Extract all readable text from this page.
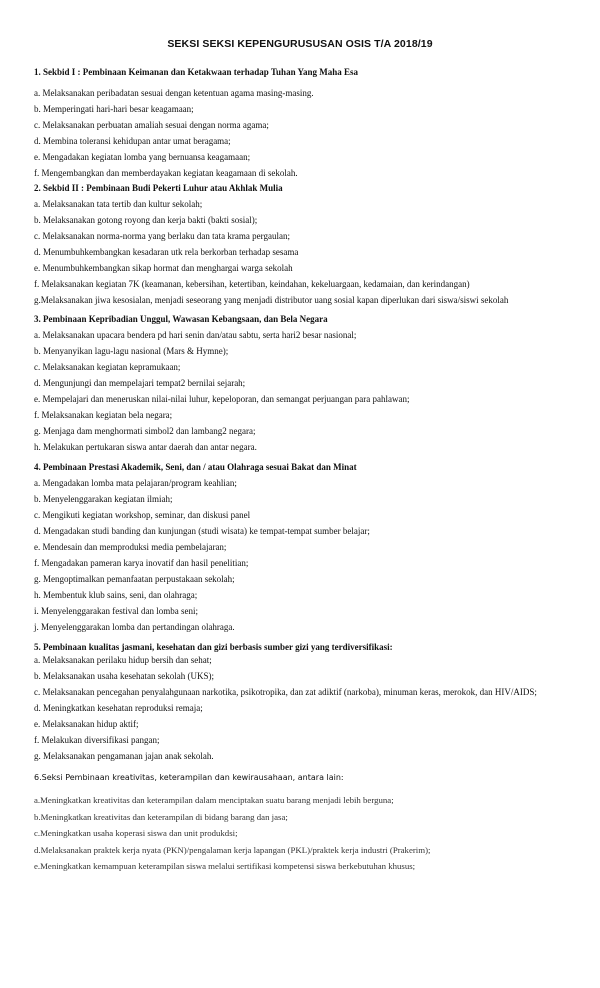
SEKSI SEKSI KEPENGURUSUSAN OSIS T/A 2018/19
1. Sekbid I : Pembinaan Keimanan dan Ketakwaan terhadap Tuhan Yang Maha Esa
a. Melaksanakan peribadatan sesuai dengan ketentuan agama masing-masing.
b. Memperingati hari-hari besar keagamaan;
c. Melaksanakan perbuatan amaliah sesuai dengan norma agama;
d. Membina toleransi kehidupan antar umat beragama;
e. Mengadakan kegiatan lomba yang bernuansa keagamaan;
f. Mengembangkan dan memberdayakan kegiatan keagamaan di sekolah.
2. Sekbid II : Pembinaan Budi Pekerti Luhur atau Akhlak Mulia
a. Melaksanakan tata tertib dan kultur sekolah;
b. Melaksanakan gotong royong dan kerja bakti (bakti sosial);
c. Melaksanakan norma-norma yang berlaku dan tata krama pergaulan;
d. Menumbuhkembangkan kesadaran utk rela berkorban terhadap sesama
e. Menumbuhkembangkan sikap hormat dan menghargai warga sekolah
f. Melaksanakan kegiatan 7K (keamanan, kebersihan, ketertiban, keindahan, kekeluargaan, kedamaian, dan kerindangan)
g.Melaksanakan jiwa kesosialan, menjadi seseorang yang menjadi distributor uang sosial kapan diperlukan dari siswa/siswi sekolah
3. Pembinaan Kepribadian Unggul, Wawasan Kebangsaan, dan Bela Negara
a. Melaksanakan upacara bendera pd hari senin dan/atau sabtu, serta hari2 besar nasional;
b. Menyanyikan lagu-lagu nasional (Mars & Hymne);
c. Melaksanakan kegiatan kepramukaan;
d. Mengunjungi dan mempelajari tempat2 bernilai sejarah;
e. Mempelajari dan meneruskan nilai-nilai luhur, kepeloporan, dan semangat perjuangan para pahlawan;
f. Melaksanakan kegiatan bela negara;
g. Menjaga dam menghormati simbol2 dan lambang2 negara;
h. Melakukan pertukaran siswa antar daerah dan antar negara.
4. Pembinaan Prestasi Akademik, Seni, dan / atau Olahraga sesuai Bakat dan Minat
a. Mengadakan lomba mata pelajaran/program keahlian;
b. Menyelenggarakan kegiatan ilmiah;
c. Mengikuti kegiatan workshop, seminar, dan diskusi panel
d. Mengadakan studi banding dan kunjungan (studi wisata) ke tempat-tempat sumber belajar;
e. Mendesain dan memproduksi media pembelajaran;
f. Mengadakan pameran karya inovatif dan hasil penelitian;
g. Mengoptimalkan pemanfaatan perpustakaan sekolah;
h. Membentuk klub sains, seni, dan olahraga;
i. Menyelenggarakan festival dan lomba seni;
j. Menyelenggarakan lomba dan pertandingan olahraga.
5. Pembinaan kualitas jasmani, kesehatan dan gizi berbasis sumber gizi yang terdiversifikasi:
a. Melaksanakan perilaku hidup bersih dan sehat;
b. Melaksanakan usaha kesehatan sekolah (UKS);
c. Melaksanakan pencegahan penyalahgunaan narkotika, psikotropika, dan zat adiktif (narkoba), minuman keras, merokok, dan HIV/AIDS;
d. Meningkatkan kesehatan reproduksi remaja;
e. Melaksanakan hidup aktif;
f. Melakukan diversifikasi pangan;
g. Melaksanakan pengamanan jajan anak sekolah.
6.Seksi Pembinaan kreativitas, keterampilan dan kewirausahaan, antara lain:
a.Meningkatkan kreativitas dan keterampilan dalam menciptakan suatu barang menjadi lebih berguna;
b.Meningkatkan kreativitas dan keterampilan di bidang barang dan jasa;
c.Meningkatkan usaha koperasi siswa dan unit produkdsi;
d.Melaksanakan praktek kerja nyata (PKN)/pengalaman kerja lapangan (PKL)/praktek kerja industri (Prakerim);
e.Meningkatkan kemampuan keterampilan siswa melalui sertifikasi kompetensi siswa berkebutuhan khusus;
